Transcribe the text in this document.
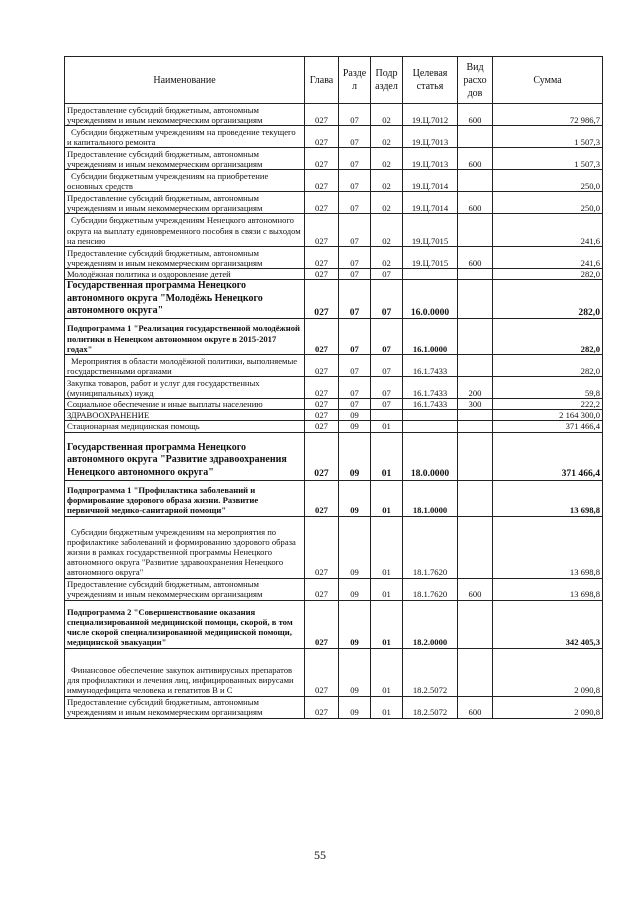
Наименование	Глава	Разде л	Подр аздел	Целевая статья	Вид расхо дов	Сумма
Предоставление субсидий бюджетным, автономным учреждениям и иным некоммерческим организациям	027	07	02	19.Ц.7012	600	72 986,7
Субсидии бюджетным учреждениям на проведение текущего и капитального ремонта	027	07	02	19.Ц.7013		1 507,3
Предоставление субсидий бюджетным, автономным учреждениям и иным некоммерческим организациям	027	07	02	19.Ц.7013	600	1 507,3
Субсидии бюджетным учреждениям на приобретение основных средств	027	07	02	19.Ц.7014		250,0
Предоставление субсидий бюджетным, автономным учреждениям и иным некоммерческим организациям	027	07	02	19.Ц.7014	600	250,0
Субсидии бюджетным учреждениям Ненецкого автономного округа на выплату единовременного пособия в связи с выходом на пенсию	027	07	02	19.Ц.7015		241,6
Предоставление субсидий бюджетным, автономным учреждениям и иным некоммерческим организациям	027	07	02	19.Ц.7015	600	241,6
Молодёжная политика и оздоровление детей	027	07	07			282,0
Государственная программа Ненецкого автономного округа "Молодёжь Ненецкого автономного округа"	027	07	07	16.0.0000		282,0
Подпрограмма 1 "Реализация государственной молодёжной политики в Ненецком автономном округе в 2015-2017 годах"	027	07	07	16.1.0000		282,0
Мероприятия в области молодёжной политики, выполняемые государственными органами	027	07	07	16.1.7433		282,0
Закупка товаров, работ и услуг для государственных (муниципальных) нужд	027	07	07	16.1.7433	200	59,8
Социальное обеспечение и иные выплаты населению	027	07	07	16.1.7433	300	222,2
ЗДРАВООХРАНЕНИЕ	027	09				2 164 300,0
Стационарная медицинская помощь	027	09	01			371 466,4
Государственная программа Ненецкого автономного округа "Развитие здравоохранения Ненецкого автономного округа"	027	09	01	18.0.0000		371 466,4
Подпрограмма 1 "Профилактика заболеваний и формирование здорового образа жизни. Развитие первичной медико-санитарной помощи"	027	09	01	18.1.0000		13 698,8
Субсидии бюджетным учреждениям на мероприятия по профилактике заболеваний и формированию здорового образа жизни в рамках государственной программы Ненецкого автономного округа "Развитие здравоохранения Ненецкого автономного округа"	027	09	01	18.1.7620		13 698,8
Предоставление субсидий бюджетным, автономным учреждениям и иным некоммерческим организациям	027	09	01	18.1.7620	600	13 698,8
Подпрограмма 2 "Совершенствование оказания специализированной медицинской помощи, скорой, в том числе скорой специализированной медицинской помощи, медицинской эвакуации"	027	09	01	18.2.0000		342 405,3
Финансовое обеспечение закупок антивирусных препаратов для профилактики и лечения лиц, инфицированных вирусами иммунодефицита человека и гепатитов В и С	027	09	01	18.2.5072		2 090,8
Предоставление субсидий бюджетным, автономным учреждениям и иным некоммерческим организациям	027	09	01	18.2.5072	600	2 090,8
55
